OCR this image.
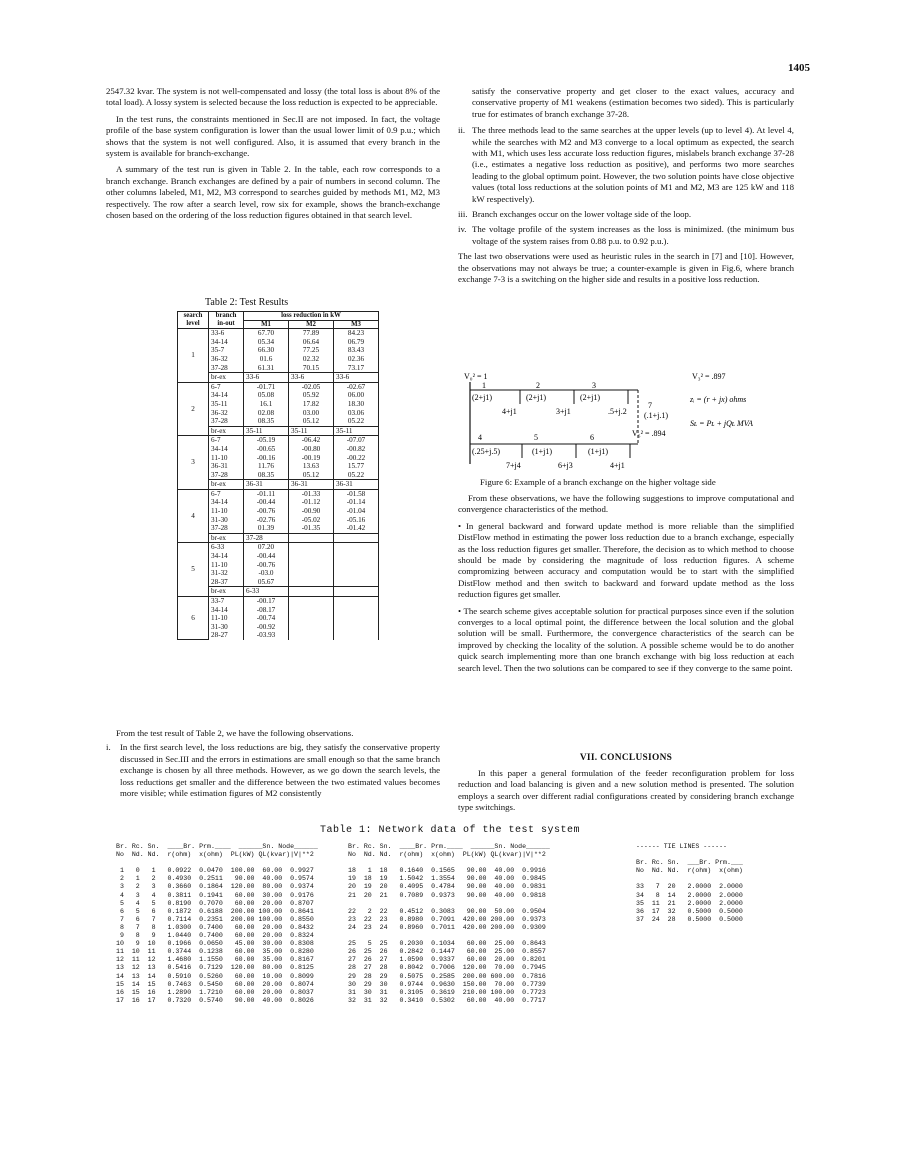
1405

2547.32 kvar. The system is not well-compensated and lossy (the total loss is about 8% of the total load). A lossy system is selected because the loss reduction is expected to be appreciable.

In the test runs, the constraints mentioned in Sec.II are not imposed. In fact, the voltage profile of the base system configuration is lower than the usual lower limit of 0.9 p.u.; which shows that the system is not well configured. Also, it is assumed that every branch in the system is available for branch-exchange.

A summary of the test run is given in Table 2. In the table, each row corresponds to a branch exchange. Branch exchanges are defined by a pair of numbers in second column. The other columns labeled, M1, M2, M3 correspond to searches guided by methods M1, M2, M3 respectively. The row after a search level, row six for example, shows the branch-exchange chosen based on the ordering of the loss reduction figures obtained in that search level.

Table 2: Test Results
search level	branch in-out	loss reduction in kW		
		M1	M2	M3
1	33-6	67.70	77.89	84.23
	34-14	05.34	06.64	06.79
	35-7	66.30	77.25	83.43
	36-32	01.6	02.32	02.36
	37-28	61.31	70.15	73.17
	br-ex	33-6	33-6	33-6
2	6-7	-01.71	-02.05	-02.67
	34-14	05.08	05.92	06.00
	35-11	16.1	17.82	18.30
	36-32	02.08	03.00	03.06
	37-28	08.35	05.12	05.22
	br-ex	35-11	35-11	35-11
3	6-7	-05.19	-06.42	-07.07
	34-14	-00.65	-00.80	-00.82
	11-10	-00.16	-00.19	-00.22
	36-31	11.76	13.63	15.77
	37-28	08.35	05.12	05.22
	br-ex	36-31	36-31	36-31
4	6-7	-01.11	-01.33	-01.58
	34-14	-00.44	-01.12	-01.14
	11-10	-00.76	-00.90	-01.04
	31-30	-02.76	-05.02	-05.16
	37-28	01.39	-01.35	-01.42
	br-ex	37-28		
5	6-33	07.20		
	34-14	-00.44		
	11-10	-00.76		
	31-32	-03.0		
	28-37	05.67		
	br-ex	6-33		
6	33-7	-00.17		
	34-14	-08.17		
	11-10	-00.74		
	31-30	-00.92		
	28-27	-03.93		

From the test result of Table 2, we have the following observations.

i. In the first search level, the loss reductions are big, they satisfy the conservative property discussed in Sec.III and the errors in estimations are small enough so that the same branch exchange is chosen by all three methods. However, as we go down the search levels, the loss reductions get smaller and the difference between the two estimated values becomes more visible; while estimation figures of M2 consistently

satisfy the conservative property and get closer to the exact values, accuracy and conservative property of M1 weakens (estimation becomes two sided). This is particularly true for estimates of branch exchange 37-28.

ii. The three methods lead to the same searches at the upper levels (up to level 4). At level 4, while the searches with M2 and M3 converge to a local optimum as expected, the search with M1, which uses less accurate loss reduction figures, mislabels branch exchange 37-28 (i.e., estimates a negative loss reduction as positive), and performs two more searches leading to the global optimum point. However, the two solution points have close objective values (total loss reductions at the solution points of M1 and M2, M3 are 125 kW and 118 kW respectively).
iii. Branch exchanges occur on the lower voltage side of the loop.
iv. The voltage profile of the system increases as the loss is minimized. (the minimum bus voltage of the system raises from 0.88 p.u. to 0.92 p.u.).

The last two observations were used as heuristic rules in the search in [7] and [10]. However, the observations may not always be true; a counter-example is given in Fig.6, where branch exchange 7-3 is a switching on the higher side and results in a positive loss reduction.

V₀² = 1	V₃² = .897
1	2	3
(2+j1)	(2+j1)	(2+j1)
4+j1	3+j1	.5+j.2
7
(.1+j.1)
V₆² = .894
4	5	6
(.25+j.5)	(1+j1)	(1+j1)
7+j4	6+j3	4+j1
zᵢ = (r + jx) ohms
Sʟ = Pʟ + jQʟ MVA
Figure 6: Example of a branch exchange on the higher voltage side

From these observations, we have the following suggestions to improve computational and convergence characteristics of the method.

• In general backward and forward update method is more reliable than the simplified DistFlow method in estimating the power loss reduction due to a branch exchange, especially as the loss reduction figures get smaller. Therefore, the decision as to which method to choose should be made by considering the magnitude of loss reduction figures. A scheme compromizing between accuracy and computation would be to start with the simplified DistFlow method and then switch to backward and forward update method as the loss reduction figures get smaller.

• The search scheme gives acceptable solution for practical purposes since even if the solution converges to a local optimal point, the difference between the local solution and the global solution will be small. Furthermore, the convergence characteristics of the search can be improved by checking the locality of the solution. A possible scheme would be to do another quick search implementing more than one branch exchange with big loss reduction at each search level. Then the two solutions can be compared to see if they converge to the same point.

VII. CONCLUSIONS

In this paper a general formulation of the feeder reconfiguration problem for loss reduction and load balancing is given and a new solution method is presented. The solution employs a search over different radial configurations created by considering branch exchange type switchings.

Table 1: Network data of the test system
Br. Rc. Sn.  ____Br. Prm.____  ______Sn. Node______
No  Nd. Nd.  r(ohm)  x(ohm)  PL(kW) QL(kvar)|V|**2

1   0   1   0.0922  0.0470  100.00  60.00  0.9927
2   1   2   0.4930  0.2511   90.00  40.00  0.9574
3   2   3   0.3660  0.1864  120.00  80.00  0.9374
4   3   4   0.3811  0.1941   60.00  30.00  0.9176
5   4   5   0.8190  0.7070   60.00  20.00  0.8707
6   5   6   0.1872  0.6188  200.00 100.00  0.8641
7   6   7   0.7114  0.2351  200.00 100.00  0.8550
8   7   8   1.0300  0.7400   60.00  20.00  0.8432
9   8   9   1.0440  0.7400   60.00  20.00  0.8324
10   9  10   0.1966  0.0650   45.00  30.00  0.8308
11  10  11   0.3744  0.1238   60.00  35.00  0.8280
12  11  12   1.4680  1.1550   60.00  35.00  0.8167
13  12  13   0.5416  0.7129  120.00  80.00  0.8125
14  13  14   0.5910  0.5260   60.00  10.00  0.8099
15  14  15   0.7463  0.5450   60.00  20.00  0.8074
16  15  16   1.2890  1.7210   60.00  20.00  0.8037
17  16  17   0.7320  0.5740   90.00  40.00  0.8026
Br. Rc. Sn.  ____Br. Prm.____  ______Sn. Node______
No  Nd. Nd.  r(ohm)  x(ohm)  PL(kW) QL(kvar)|V|**2

18   1  18   0.1640  0.1565   90.00  40.00  0.9916
19  18  19   1.5042  1.3554   90.00  40.00  0.9845
20  19  20   0.4095  0.4784   90.00  40.00  0.9831
21  20  21   0.7089  0.9373   90.00  40.00  0.9818

22   2  22   0.4512  0.3083   90.00  50.00  0.9504
23  22  23   0.8980  0.7091  420.00 200.00  0.9373
24  23  24   0.8960  0.7011  420.00 200.00  0.9309

25   5  25   0.2030  0.1034   60.00  25.00  0.8643
26  25  26   0.2842  0.1447   60.00  25.00  0.8557
27  26  27   1.0590  0.9337   60.00  20.00  0.8201
28  27  28   0.8042  0.7006  120.00  70.00  0.7945
29  28  29   0.5075  0.2585  200.00 600.00  0.7816
30  29  30   0.9744  0.9630  150.00  70.00  0.7739
31  30  31   0.3105  0.3619  210.00 100.00  0.7723
32  31  32   0.3410  0.5302   60.00  40.00  0.7717
------ TIE LINES ------

Br. Rc. Sn.  ___Br. Prm.___
No  Nd. Nd.  r(ohm)  x(ohm)

33   7  20   2.0000  2.0000
34   8  14   2.0000  2.0000
35  11  21   2.0000  2.0000
36  17  32   0.5000  0.5000
37  24  28   0.5000  0.5000
